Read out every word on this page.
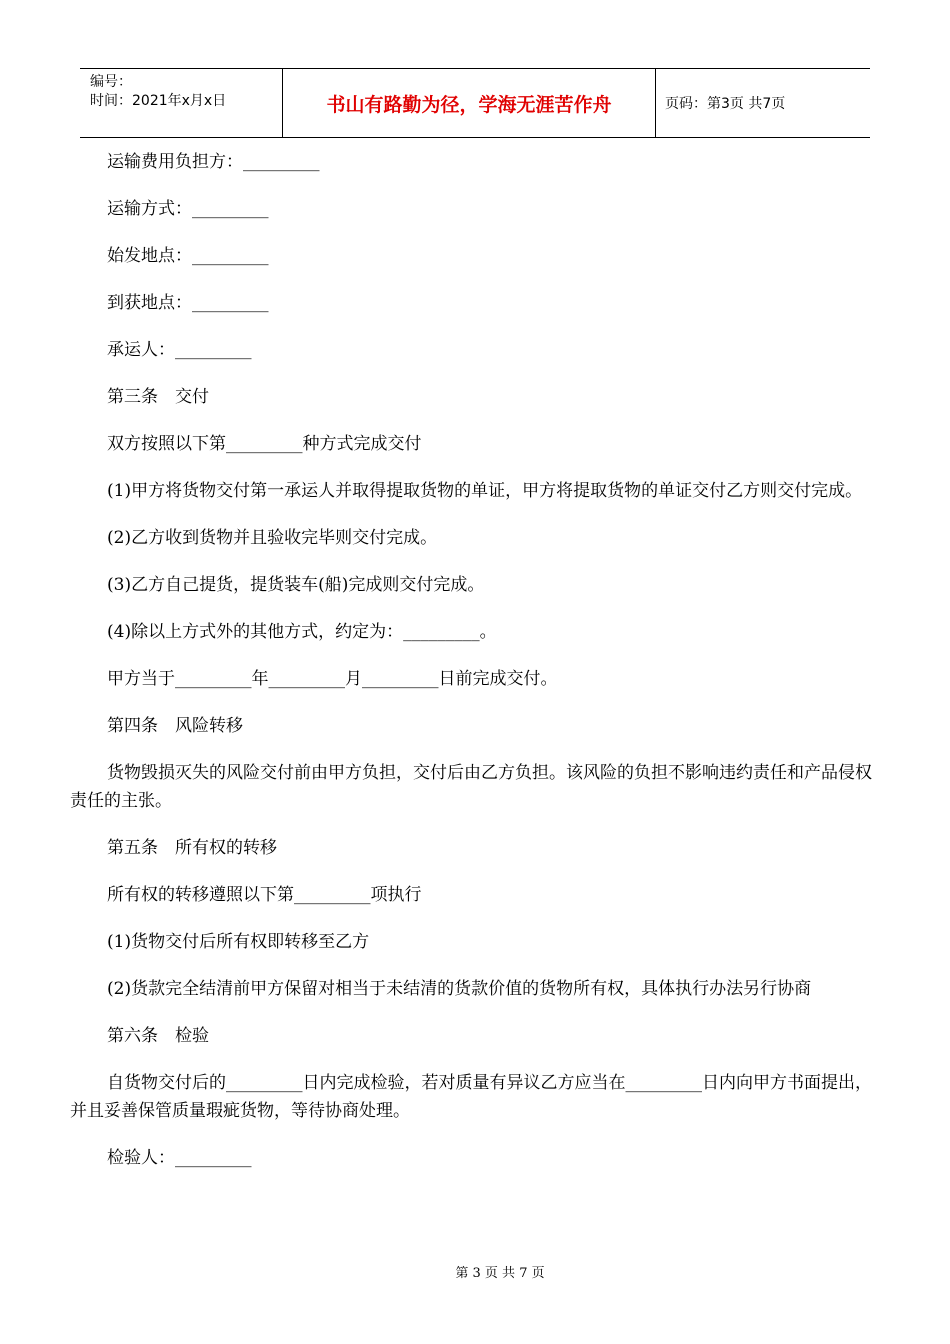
编号：
时间：2021年x月x日	书山有路勤为径，学海无涯苦作舟	页码：第3页 共7页

运输费用负担方：_________

运输方式：_________

始发地点：_________

到获地点：_________

承运人：_________

第三条　交付

双方按照以下第_________种方式完成交付

(1)甲方将货物交付第一承运人并取得提取货物的单证，甲方将提取货物的单证交付乙方则交付完成。

(2)乙方收到货物并且验收完毕则交付完成。

(3)乙方自己提货，提货装车(船)完成则交付完成。

(4)除以上方式外的其他方式，约定为：_________。

甲方当于_________年_________月_________日前完成交付。

第四条　风险转移

货物毁损灭失的风险交付前由甲方负担，交付后由乙方负担。该风险的负担不影响违约责任和产品侵权责任的主张。

第五条　所有权的转移

所有权的转移遵照以下第_________项执行

(1)货物交付后所有权即转移至乙方

(2)货款完全结清前甲方保留对相当于未结清的货款价值的货物所有权，具体执行办法另行协商

第六条　检验

自货物交付后的_________日内完成检验，若对质量有异议乙方应当在_________日内向甲方书面提出，并且妥善保管质量瑕疵货物，等待协商处理。

检验人：_________

第 3 页 共 7 页
